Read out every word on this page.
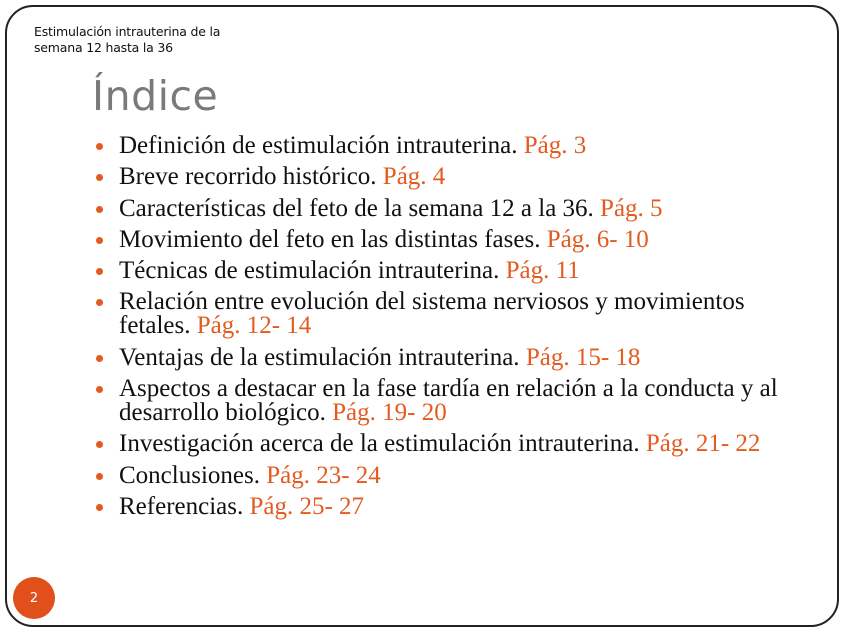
Estimulación intrauterina de la semana 12 hasta la 36
Índice
Definición de estimulación intrauterina. Pág. 3
Breve recorrido histórico. Pág. 4
Características del feto de la semana 12 a la 36. Pág. 5
Movimiento del feto en las distintas fases. Pág. 6- 10
Técnicas de estimulación intrauterina. Pág. 11
Relación entre evolución del sistema nerviosos y movimientos fetales. Pág. 12- 14
Ventajas de la estimulación intrauterina. Pág. 15- 18
Aspectos a destacar en la fase tardía en relación a la conducta y al desarrollo biológico. Pág. 19- 20
Investigación acerca de la estimulación intrauterina. Pág. 21- 22
Conclusiones. Pág. 23- 24
Referencias. Pág. 25- 27
2
